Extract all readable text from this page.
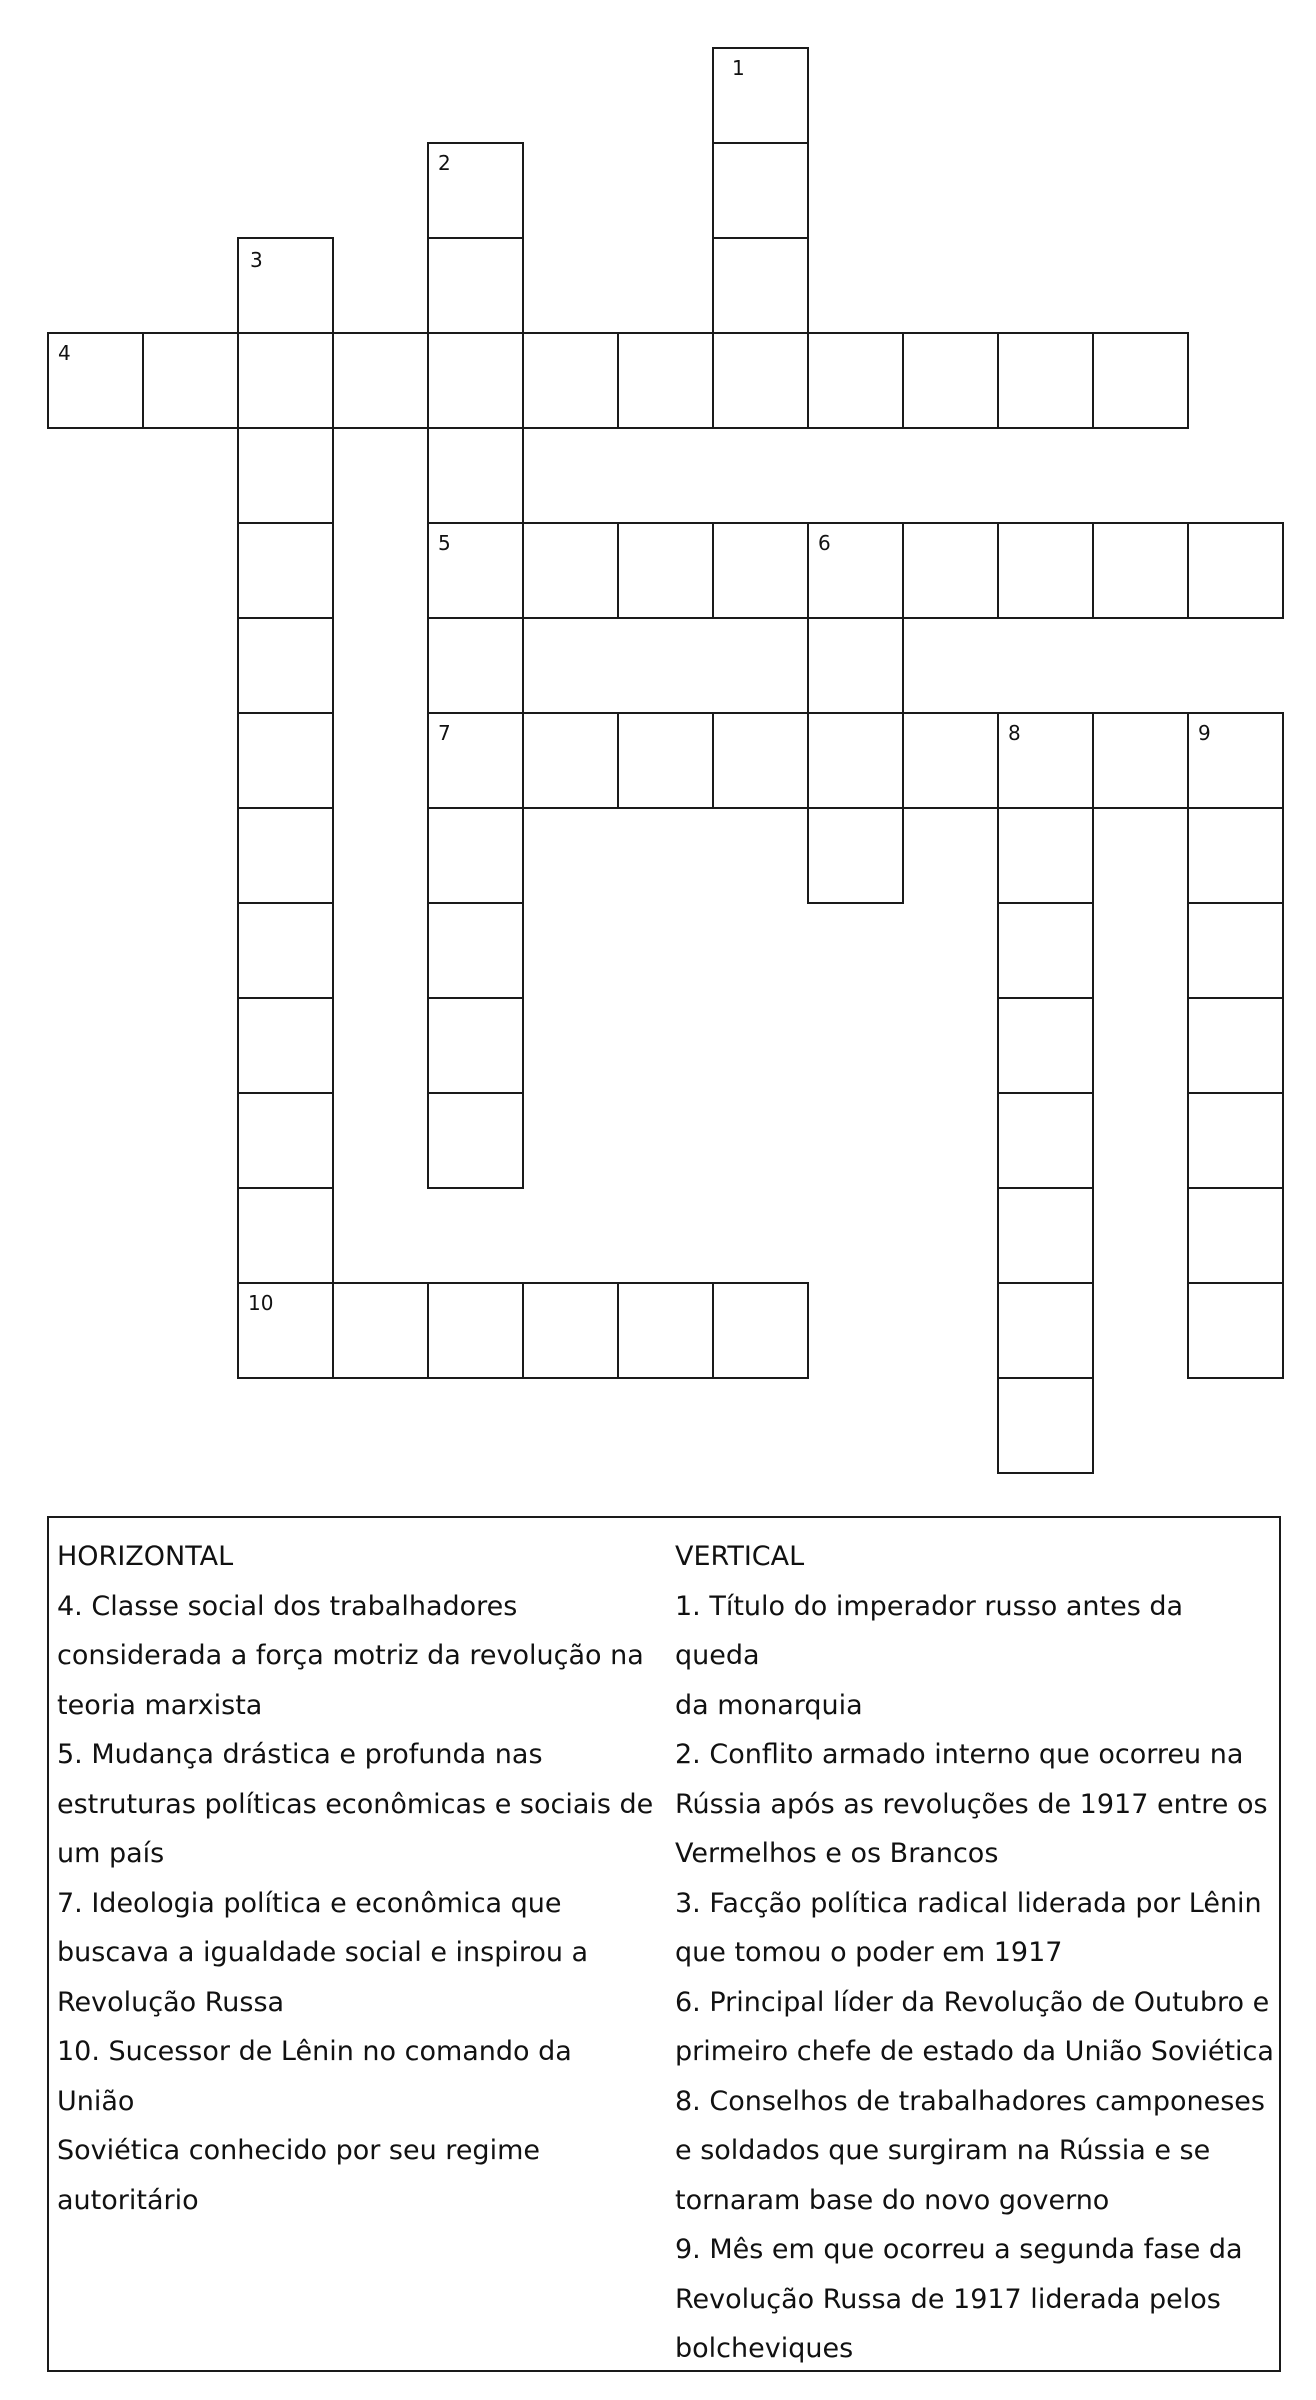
1
2
3
4
5	6
7	8	9
10
HORIZONTAL
4. Classe social dos trabalhadores
considerada a força motriz da revolução na
teoria marxista
5. Mudança drástica e profunda nas
estruturas políticas econômicas e sociais de
um país
7. Ideologia política e econômica que
buscava a igualdade social e inspirou a
Revolução Russa
10. Sucessor de Lênin no comando da União
Soviética conhecido por seu regime
autoritário
VERTICAL
1. Título do imperador russo antes da queda
da monarquia
2. Conflito armado interno que ocorreu na
Rússia após as revoluções de 1917 entre os
Vermelhos e os Brancos
3. Facção política radical liderada por Lênin
que tomou o poder em 1917
6. Principal líder da Revolução de Outubro e
primeiro chefe de estado da União Soviética
8. Conselhos de trabalhadores camponeses
e soldados que surgiram na Rússia e se
tornaram base do novo governo
9. Mês em que ocorreu a segunda fase da
Revolução Russa de 1917 liderada pelos
bolcheviques
